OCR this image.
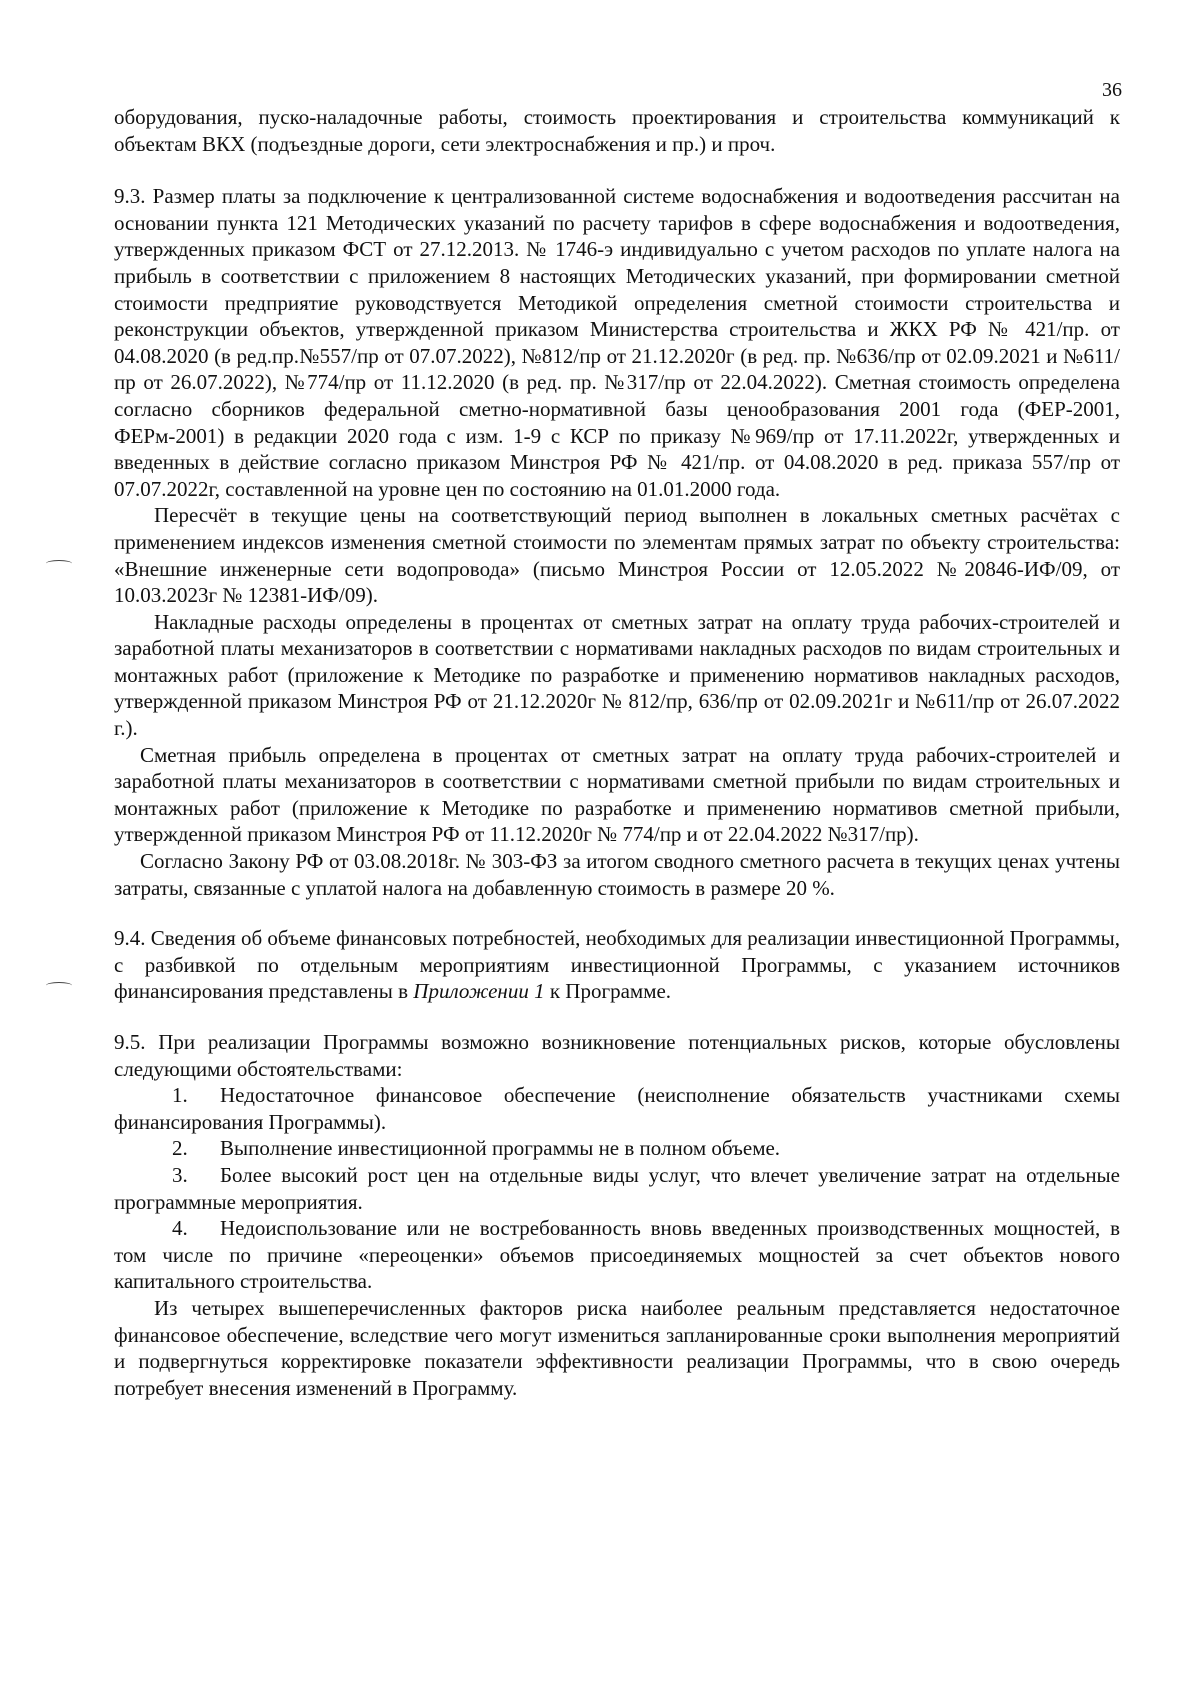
36

оборудования, пуско-наладочные работы, стоимость проектирования и строительства коммуникаций к объектам ВКХ (подъездные дороги, сети электроснабжения и пр.) и проч.

9.3. Размер платы за подключение к централизованной системе водоснабжения и водоотведения рассчитан на основании пункта 121 Методических указаний по расчету тарифов в сфере водоснабжения и водоотведения, утвержденных приказом ФСТ от 27.12.2013. № 1746-э индивидуально с учетом расходов по уплате налога на прибыль в соответствии с приложением 8 настоящих Методических указаний, при формировании сметной стоимости предприятие руководствуется Методикой определения сметной стоимости строительства и реконструкции объектов, утвержденной приказом Министерства строительства и ЖКХ РФ № 421/пр. от 04.08.2020 (в ред.пр.№557/пр от 07.07.2022), №812/пр от 21.12.2020г (в ред. пр. №636/пр от 02.09.2021 и №611/пр от 26.07.2022), №774/пр от 11.12.2020 (в ред. пр. №317/пр от 22.04.2022). Сметная стоимость определена согласно сборников федеральной сметно-нормативной базы ценообразования 2001 года (ФЕР-2001, ФЕРм-2001) в редакции 2020 года с изм. 1-9 с КСР по приказу №969/пр от 17.11.2022г, утвержденных и введенных в действие согласно приказом Минстроя РФ № 421/пр. от 04.08.2020 в ред. приказа 557/пр от 07.07.2022г, составленной на уровне цен по состоянию на 01.01.2000 года.

Пересчёт в текущие цены на соответствующий период выполнен в локальных сметных расчётах с применением индексов изменения сметной стоимости по элементам прямых затрат по объекту строительства: «Внешние инженерные сети водопровода» (письмо Минстроя России от 12.05.2022 №20846-ИФ/09, от 10.03.2023г № 12381-ИФ/09).

Накладные расходы определены в процентах от сметных затрат на оплату труда рабочих-строителей и заработной платы механизаторов в соответствии с нормативами накладных расходов по видам строительных и монтажных работ (приложение к Методике по разработке и применению нормативов накладных расходов, утвержденной приказом Минстроя РФ от 21.12.2020г № 812/пр, 636/пр от 02.09.2021г и №611/пр от 26.07.2022 г.).

Сметная прибыль определена в процентах от сметных затрат на оплату труда рабочих-строителей и заработной платы механизаторов в соответствии с нормативами сметной прибыли по видам строительных и монтажных работ (приложение к Методике по разработке и применению нормативов сметной прибыли, утвержденной приказом Минстроя РФ от 11.12.2020г № 774/пр и от 22.04.2022 №317/пр).

Согласно Закону РФ от 03.08.2018г. № 303-ФЗ за итогом сводного сметного расчета в текущих ценах учтены затраты, связанные с уплатой налога на добавленную стоимость в размере 20 %.

9.4. Сведения об объеме финансовых потребностей, необходимых для реализации инвестиционной Программы, с разбивкой по отдельным мероприятиям инвестиционной Программы, с указанием источников финансирования представлены в Приложении 1 к Программе.

9.5. При реализации Программы возможно возникновение потенциальных рисков, которые обусловлены следующими обстоятельствами:

1. Недостаточное финансовое обеспечение (неисполнение обязательств участниками схемы финансирования Программы).

2. Выполнение инвестиционной программы не в полном объеме.

3. Более высокий рост цен на отдельные виды услуг, что влечет увеличение затрат на отдельные программные мероприятия.

4. Недоиспользование или не востребованность вновь введенных производственных мощностей, в том числе по причине «переоценки» объемов присоединяемых мощностей за счет объектов нового капитального строительства.

Из четырех вышеперечисленных факторов риска наиболее реальным представляется недостаточное финансовое обеспечение, вследствие чего могут измениться запланированные сроки выполнения мероприятий и подвергнуться корректировке показатели эффективности реализации Программы, что в свою очередь потребует внесения изменений в Программу.
